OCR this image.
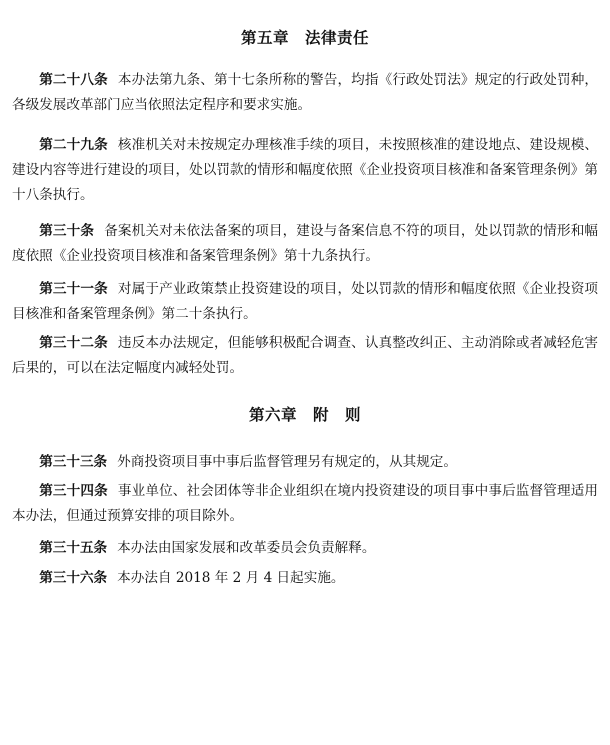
第五章 法律责任

第二十八条 本办法第九条、第十七条所称的警告，均指《行政处罚法》规定的行政处罚种，各级发展改革部门应当依照法定程序和要求实施。

第二十九条 核准机关对未按规定办理核准手续的项目，未按照核准的建设地点、建设规模、建设内容等进行建设的项目，处以罚款的情形和幅度依照《企业投资项目核准和备案管理条例》第十八条执行。

第三十条 备案机关对未依法备案的项目，建设与备案信息不符的项目，处以罚款的情形和幅度依照《企业投资项目核准和备案管理条例》第十九条执行。

第三十一条 对属于产业政策禁止投资建设的项目，处以罚款的情形和幅度依照《企业投资项目核准和备案管理条例》第二十条执行。

第三十二条 违反本办法规定，但能够积极配合调查、认真整改纠正、主动消除或者减轻危害后果的，可以在法定幅度内减轻处罚。

第六章 附　则

第三十三条 外商投资项目事中事后监督管理另有规定的，从其规定。

第三十四条 事业单位、社会团体等非企业组织在境内投资建设的项目事中事后监督管理适用本办法，但通过预算安排的项目除外。

第三十五条 本办法由国家发展和改革委员会负责解释。

第三十六条 本办法自 2018 年 2 月 4 日起实施。
